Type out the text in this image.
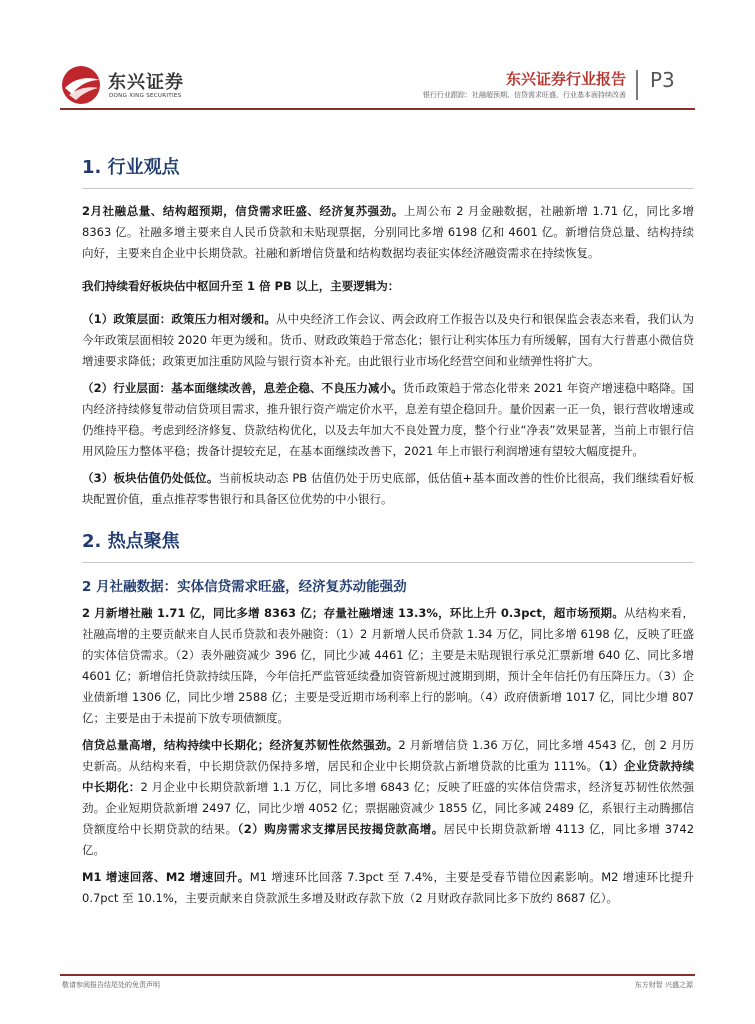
东兴证券
DONG XING SECURITIES
东兴证券行业报告
银行行业跟踪：社融超预期、信贷需求旺盛，行业基本面持续改善
P3
1. 行业观点

2月社融总量、结构超预期，信贷需求旺盛、经济复苏强劲。上周公布 2 月金融数据，社融新增 1.71 亿，同比多增 8363 亿。社融多增主要来自人民币贷款和未贴现票据，分别同比多增 6198 亿和 4601 亿。新增信贷总量、结构持续向好，主要来自企业中长期贷款。社融和新增信贷量和结构数据均表征实体经济融资需求在持续恢复。

我们持续看好板块估中枢回升至 1 倍 PB 以上，主要逻辑为：

（1）政策层面：政策压力相对缓和。从中央经济工作会议、两会政府工作报告以及央行和银保监会表态来看，我们认为今年政策层面相较 2020 年更为缓和。货币、财政政策趋于常态化；银行让利实体压力有所缓解，国有大行普惠小微信贷增速要求降低；政策更加注重防风险与银行资本补充。由此银行业市场化经营空间和业绩弹性将扩大。

（2）行业层面：基本面继续改善，息差企稳、不良压力减小。货币政策趋于常态化带来 2021 年资产增速稳中略降。国内经济持续修复带动信贷项目需求，推升银行资产端定价水平，息差有望企稳回升。量价因素一正一负，银行营收增速或仍维持平稳。考虑到经济修复、贷款结构优化，以及去年加大不良处置力度，整个行业“净表”效果显著，当前上市银行信用风险压力整体平稳；拨备计提较充足，在基本面继续改善下，2021 年上市银行利润增速有望较大幅度提升。

（3）板块估值仍处低位。当前板块动态 PB 估值仍处于历史底部，低估值+基本面改善的性价比很高，我们继续看好板块配置价值，重点推荐零售银行和具备区位优势的中小银行。

2. 热点聚焦
2 月社融数据：实体信贷需求旺盛，经济复苏动能强劲

2 月新增社融 1.71 亿，同比多增 8363 亿；存量社融增速 13.3%，环比上升 0.3pct，超市场预期。从结构来看，社融高增的主要贡献来自人民币贷款和表外融资：（1）2 月新增人民币贷款 1.34 万亿，同比多增 6198 亿，反映了旺盛的实体信贷需求。（2）表外融资减少 396 亿，同比少减 4461 亿；主要是未贴现银行承兑汇票新增 640 亿、同比多增 4601 亿；新增信托贷款持续压降，今年信托严监管延续叠加资管新规过渡期到期，预计全年信托仍有压降压力。（3）企业债新增 1306 亿，同比少增 2588 亿；主要是受近期市场利率上行的影响。（4）政府债新增 1017 亿，同比少增 807 亿；主要是由于未提前下放专项债额度。

信贷总量高增，结构持续中长期化；经济复苏韧性依然强劲。2 月新增信贷 1.36 万亿，同比多增 4543 亿，创 2 月历史新高。从结构来看，中长期贷款仍保持多增，居民和企业中长期贷款占新增贷款的比重为 111%。（1）企业贷款持续中长期化：2 月企业中长期贷款新增 1.1 万亿，同比多增 6843 亿；反映了旺盛的实体信贷需求，经济复苏韧性依然强劲。企业短期贷款新增 2497 亿，同比少增 4052 亿；票据融资减少 1855 亿，同比多减 2489 亿，系银行主动腾挪信贷额度给中长期贷款的结果。（2）购房需求支撑居民按揭贷款高增。居民中长期贷款新增 4113 亿，同比多增 3742 亿。

M1 增速回落、M2 增速回升。M1 增速环比回落 7.3pct 至 7.4%，主要是受春节错位因素影响。M2 增速环比提升 0.7pct 至 10.1%，主要贡献来自贷款派生多增及财政存款下放（2 月财政存款同比多下放约 8687 亿）。

敬请参阅报告结尾处的免责声明	东方财智 兴盛之源
